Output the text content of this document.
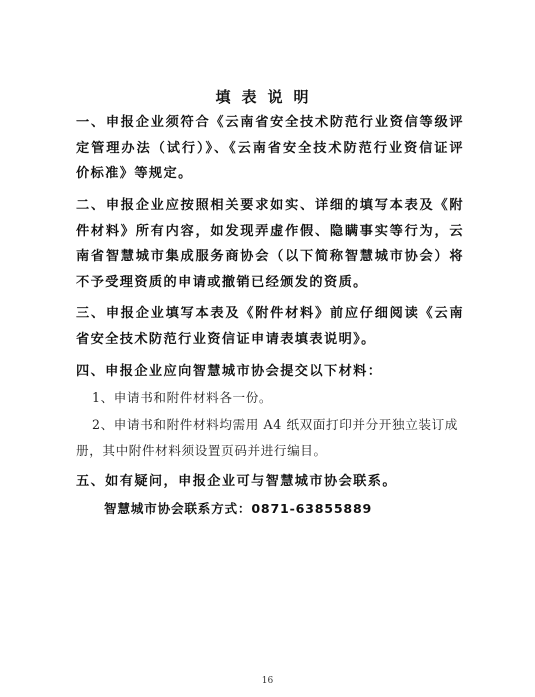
填表说明

一、申报企业须符合《云南省安全技术防范行业资信等级评定管理办法（试行）》、《云南省安全技术防范行业资信证评价标准》等规定。

二、申报企业应按照相关要求如实、详细的填写本表及《附件材料》所有内容，如发现弄虚作假、隐瞒事实等行为，云南省智慧城市集成服务商协会（以下简称智慧城市协会）将不予受理资质的申请或撤销已经颁发的资质。

三、申报企业填写本表及《附件材料》前应仔细阅读《云南省安全技术防范行业资信证申请表填表说明》。

四、申报企业应向智慧城市协会提交以下材料：

1、申请书和附件材料各一份。

2、申请书和附件材料均需用 A4 纸双面打印并分开独立装订成册，其中附件材料须设置页码并进行编目。

五、如有疑问，申报企业可与智慧城市协会联系。

智慧城市协会联系方式：0871-63855889

16
